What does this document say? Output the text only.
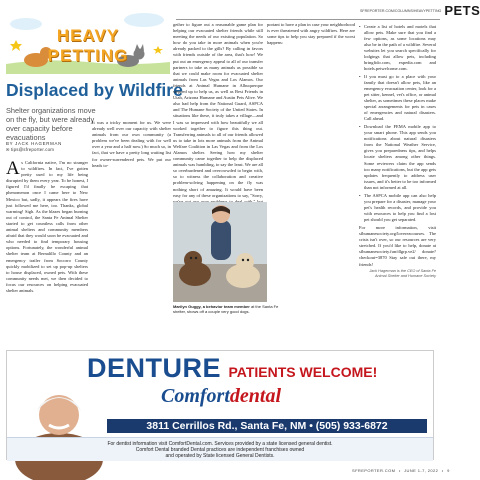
SFREPORTER.COM/COLUMNS/HEAVYPETTING PETS
HEAVY PETTING
Displaced by Wildfire
Shelter organizations move on the fly, but were already over capacity before evacuations
BY JACK HAGERMAN
✉ tips@sfreporter.com
A s California native, I'm no stranger to wildfires. In fact, I've gotten pretty used to my life being disrupted by them every year. To be honest, I figured I'd finally be escaping that phenomenon once I came here to New Mexico but, sadly, it appears the fires have just followed me here, too. Thanks, global warming! Sigh. As the blazes began burning out of control, the Santa Fe Animal Shelter started to get countless calls from other animal shelters and community members afraid that they would soon be evacuated and who needed to find temporary housing options. Fortunately, the wonderful animal shelter team at Bernalillo County and an emergency trailer from Socorro County quickly mobilized to set up pop-up shelters to house displaced, owned pets. With these community needs met, we then decided to focus our resources on helping evacuated shelter animals.
It was a tricky moment for us. We were already well over our capacity with shelter animals from our own community (a problem we've been dealing with for well over a year and a half now.) So much so, in fact, that we have a pretty long waiting list for owner-surrendered pets. We put our heads to-
gether to figure out a reasonable game plan for helping our evacuated shelter friends while still meeting the needs of our existing population. So how do you take in more animals when you're already packed to the gills? By calling in favors with friends outside of the area, that's how! We put out an emergency appeal to all of our transfer partners to take as many animals as possible so that we could make room for evacuated shelter animals from Las Vegas and Los Alamos. Our friends at Animal Humane in Albuquerque stepped up to help us, as well as Best Friends in Utah, Arizona Humane and Austin Pets Alive. We also had help from the National Guard, ASPCA and The Humane Society of the United States. In situations like these, it truly takes a village—and I was so impressed with how beautifully we all worked together to figure this thing out. Transferring animals to all of our friends allowed us to take in lots more animals from the Animal Welfare Coalition in Las Vegas and from the Los Alamos shelter. Seeing how my shelter community came together to help the displaced animals was humbling, to say the least. We are all so overburdened and overcrowded to begin with, so to witness the collaboration and creative problem-solving happening on the fly was nothing short of amazing. It would have been easy for any of these organizations to say, "Sorry,
Marilyn Guggy, a behavior team member at the Santa Fe shelter, shows off a couple very good dogs.

portant to have a plan in case your neighborhood is ever threatened with angry wildfires. Here are some tips to help you stay prepared if the worst happens:

• Create a list of hotels and motels that allow pets. Make sure that you find a few options, as some locations may also be in the path of a wildfire. Several websites let you search specifically for lodgings that allow pets, including bringfido.com, expedia.com and hotels.petwelcome.com.
• If you must go to a place with your family that doesn't allow pets, like an emergency evacuation center, look for a pet sitter, kennel, vet's office, or animal shelter, as sometimes these places make special arrangements for pets in cases of emergencies and natural disasters. Call ahead.
• Download the FEMA mobile app to your smart phone. This app sends you notifications about natural disasters from the National Weather Service, gives you preparedness tips, and helps locate shelters among other things. Some reviewers claim the app sends too many notifications, but the app gets updates frequently to address user issues, and it's better to be too informed than not informed at all.
• The ASPCA mobile app can also help you prepare for a disaster, manage your pet's health records, and provide you with resources to help you find a lost pet should you get separated.

For more information, visit sfhumanesociety.org/lovereacourses. The crisis isn't over, so our resources are very stretched. If you'd like to help, donate at sfhumanesociety.fun/dlgrp.ve2/ donate?checkout=3870 Stay safe out there, my friends!

Jack Hagerman is the CEO of Santa Fe Animal Shelter and Humane Society
DENTURE PATIENTS WELCOME!
Comfortdental
3811 Cerrillos Rd., Santa Fe, NM • (505) 933-6872
For dentist information visit ComfortDental.com. Services provided by a state licensed general dentist.
Comfort Dental branded Dental practices are independent franchises owned
and operated by State licensed General Dentists.
SFREPORTER.COM • JUNE 1-7, 2022 • 9
